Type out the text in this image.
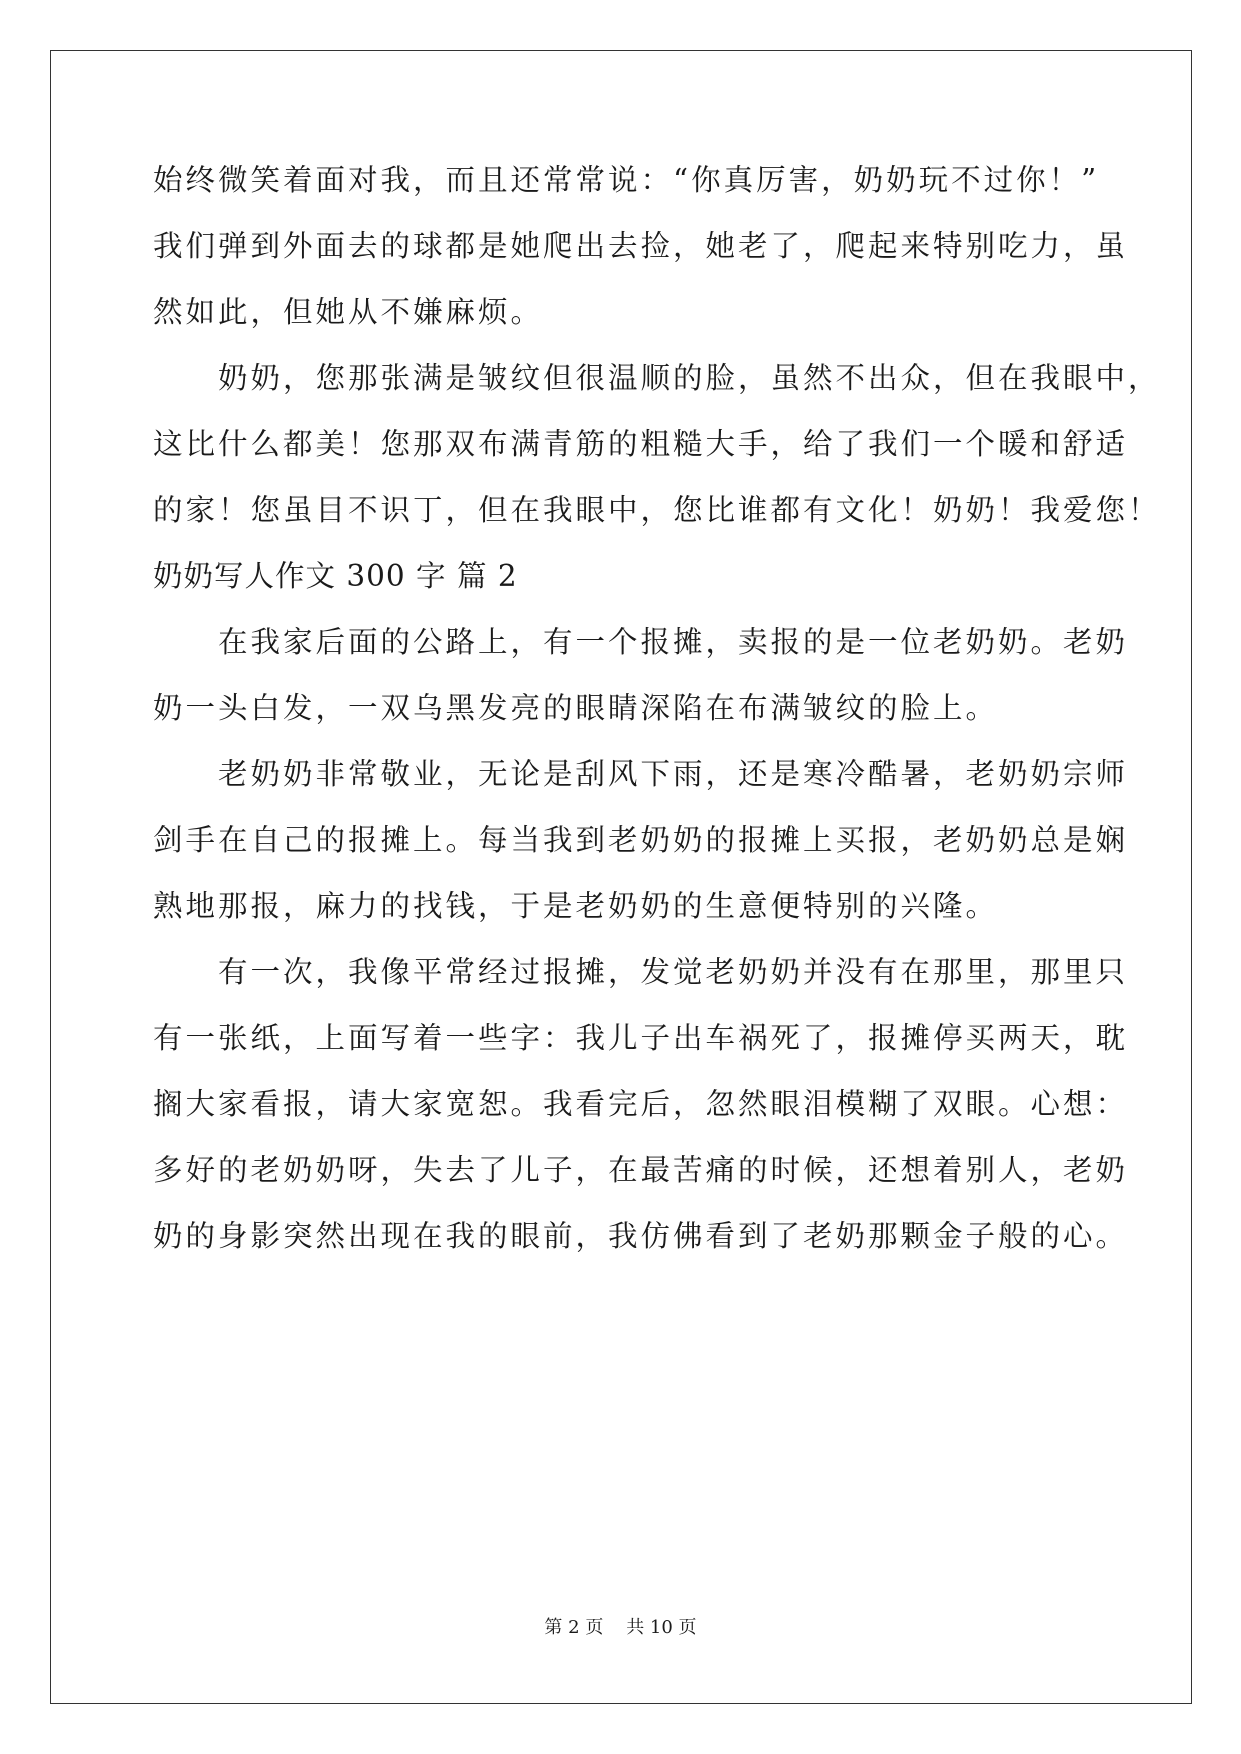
始终微笑着面对我，而且还常常说：“你真厉害，奶奶玩不过你！”
我们弹到外面去的球都是她爬出去捡，她老了，爬起来特别吃力，虽
然如此，但她从不嫌麻烦。
　　奶奶，您那张满是皱纹但很温顺的脸，虽然不出众，但在我眼中，
这比什么都美！您那双布满青筋的粗糙大手，给了我们一个暖和舒适
的家！您虽目不识丁，但在我眼中，您比谁都有文化！奶奶！我爱您！
奶奶写人作文 300 字 篇 2
　　在我家后面的公路上，有一个报摊，卖报的是一位老奶奶。老奶
奶一头白发，一双乌黑发亮的眼睛深陷在布满皱纹的脸上。
　　老奶奶非常敬业，无论是刮风下雨，还是寒冷酷暑，老奶奶宗师
剑手在自己的报摊上。每当我到老奶奶的报摊上买报，老奶奶总是娴
熟地那报，麻力的找钱，于是老奶奶的生意便特别的兴隆。
　　有一次，我像平常经过报摊，发觉老奶奶并没有在那里，那里只
有一张纸，上面写着一些字：我儿子出车祸死了，报摊停买两天，耽
搁大家看报，请大家宽恕。我看完后，忽然眼泪模糊了双眼。心想：
多好的老奶奶呀，失去了儿子，在最苦痛的时候，还想着别人，老奶
奶的身影突然出现在我的眼前，我仿佛看到了老奶那颗金子般的心。
第 2 页    共 10 页
